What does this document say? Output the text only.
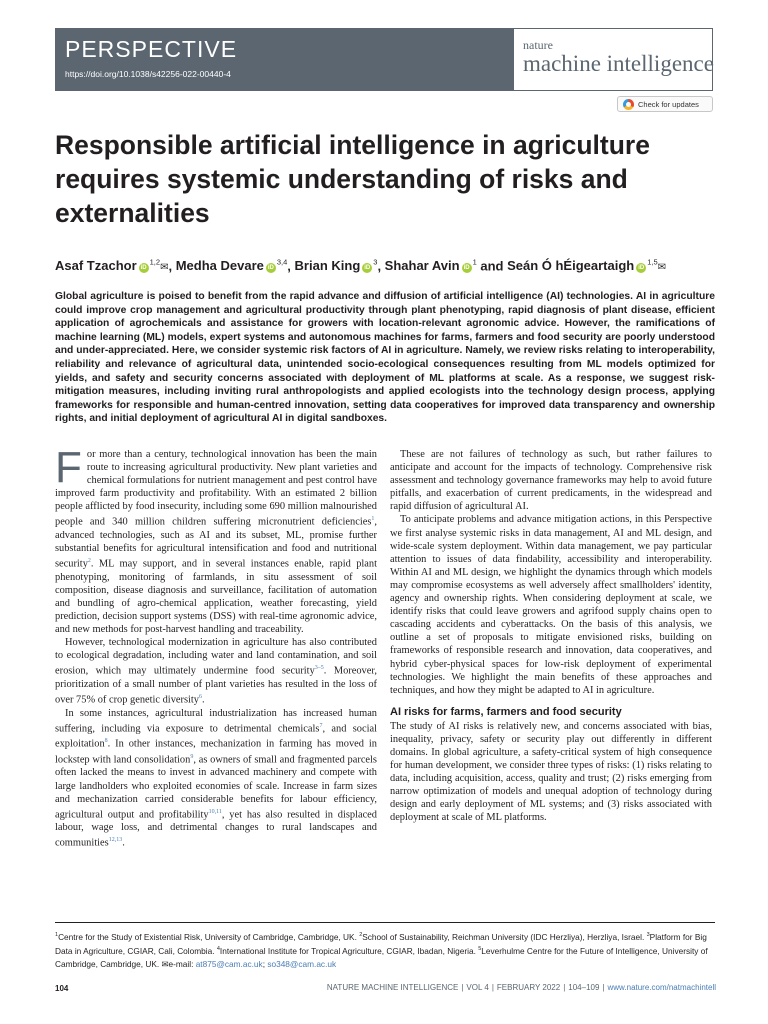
PERSPECTIVE
https://doi.org/10.1038/s42256-022-00440-4
nature
machine intelligence
Check for updates
Responsible artificial intelligence in agriculture requires systemic understanding of risks and externalities
Asaf Tzachor iD$^{1,2}$✉, Medha Devare iD$^{3,4}$, Brian King $iD^3$, Shahar Avin $iD^1$ and Seán Ó hÉigeartaigh iD$^{1,5}$✉

Global agriculture is poised to benefit from the rapid advance and diffusion of artificial intelligence (AI) technologies. AI in agriculture could improve crop management and agricultural productivity through plant phenotyping, rapid diagnosis of plant disease, efficient application of agrochemicals and assistance for growers with location-relevant agronomic advice. However, the ramifications of machine learning (ML) models, expert systems and autonomous machines for farms, farmers and food security are poorly understood and under-appreciated. Here, we consider systemic risk factors of AI in agriculture. Namely, we review risks relating to interoperability, reliability and relevance of agricultural data, unintended socio-ecological consequences resulting from ML models optimized for yields, and safety and security concerns associated with deployment of ML platforms at scale. As a response, we suggest risk-mitigation measures, including inviting rural anthropologists and applied ecologists into the technology design process, applying frameworks for responsible and human-centred innovation, setting data cooperatives for improved data transparency and ownership rights, and initial deployment of agricultural AI in digital sandboxes.

For more than a century, technological innovation has been the main route to increasing agricultural productivity. New plant varieties and chemical formulations for nutrient management and pest control have improved farm productivity and profitability. With an estimated 2 billion people afflicted by food insecurity, including some 690 million malnourished people and 340 million children suffering micronutrient deficiencies$^1$, advanced technologies, such as AI and its subset, ML, promise further substantial benefits for agricultural intensification and food and nutritional security$^2$. ML may support, and in several instances enable, rapid plant phenotyping, monitoring of farmlands, in situ assessment of soil composition, disease diagnosis and surveillance, facilitation of automation and bundling of agro-chemical application, weather forecasting, yield prediction, decision support systems (DSS) with real-time agronomic advice, and new methods for post-harvest handling and traceability.

However, technological modernization in agriculture has also contributed to ecological degradation, including water and land contamination, and soil erosion, which may ultimately undermine food security$^{3-5}$. Moreover, prioritization of a small number of plant varieties has resulted in the loss of over 75% of crop genetic diversity$^6$.

In some instances, agricultural industrialization has increased human suffering, including via exposure to detrimental chemicals$^7$, and social exploitation$^8$. In other instances, mechanization in farming has moved in lockstep with land consolidation$^9$, as owners of small and fragmented parcels often lacked the means to invest in advanced machinery and compete with large landholders who exploited economies of scale. Increase in farm sizes and mechanization carried considerable benefits for labour efficiency, agricultural output and profitability$^{10,11}$, yet has also resulted in displaced labour, wage loss, and detrimental changes to rural landscapes and communities$^{12,13}$.

These are not failures of technology as such, but rather failures to anticipate and account for the impacts of technology. Comprehensive risk assessment and technology governance frameworks may help to avoid future pitfalls, and exacerbation of current predicaments, in the widespread and rapid diffusion of agricultural AI.

To anticipate problems and advance mitigation actions, in this Perspective we first analyse systemic risks in data management, AI and ML design, and wide-scale system deployment. Within data management, we pay particular attention to issues of data findability, accessibility and interoperability. Within AI and ML design, we highlight the dynamics through which models may compromise ecosystems as well adversely affect smallholders' identity, agency and ownership rights. When considering deployment at scale, we identify risks that could leave growers and agrifood supply chains open to cascading accidents and cyberattacks. On the basis of this analysis, we outline a set of proposals to mitigate envisioned risks, building on frameworks of responsible research and innovation, data cooperatives, and hybrid cyber-physical spaces for low-risk deployment of experimental technologies. We highlight the main benefits of these approaches and techniques, and how they might be adapted to AI in agriculture.

AI risks for farms, farmers and food security

The study of AI risks is relatively new, and concerns associated with bias, inequality, privacy, safety or security play out differently in different domains. In global agriculture, a safety-critical system of high consequence for human development, we consider three types of risks: (1) risks relating to data, including acquisition, access, quality and trust; (2) risks emerging from narrow optimization of models and unequal adoption of technology during design and early deployment of ML systems; and (3) risks associated with deployment at scale of ML platforms.

$^1$Centre for the Study of Existential Risk, University of Cambridge, Cambridge, UK. $^2$School of Sustainability, Reichman University (IDC Herzliya), Herzliya, Israel. $^3$Platform for Big Data in Agriculture, CGIAR, Cali, Colombia. $^4$International Institute for Tropical Agriculture, CGIAR, Ibadan, Nigeria. $^5$Leverhulme Centre for the Future of Intelligence, University of Cambridge, Cambridge, UK. ✉e-mail: at875@cam.ac.uk; so348@cam.ac.uk
104	NATURE MACHINE INTELLIGENCE | VOL 4 | FEBRUARY 2022 | 104–109 | www.nature.com/natmachintell
